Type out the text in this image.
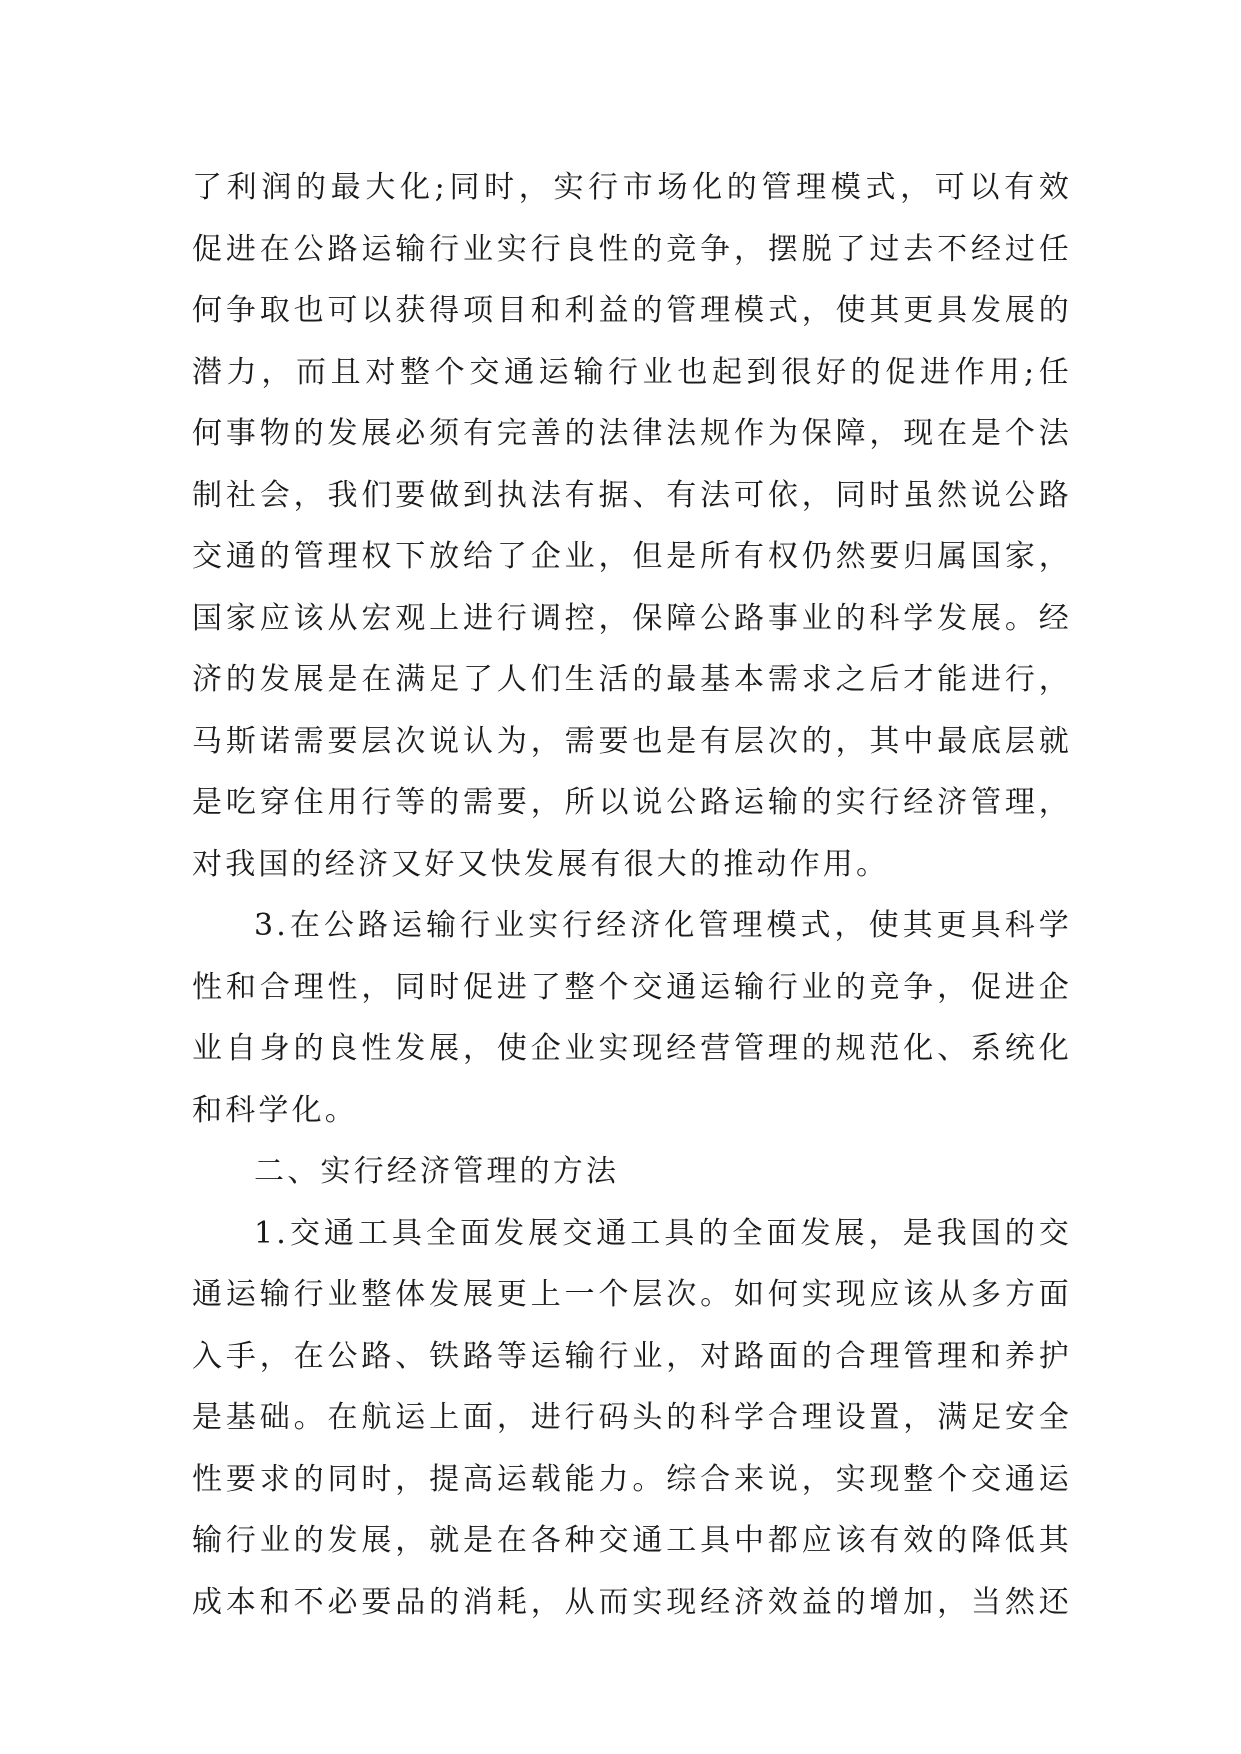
了利润的最大化;同时，实行市场化的管理模式，可以有效
促进在公路运输行业实行良性的竞争，摆脱了过去不经过任
何争取也可以获得项目和利益的管理模式，使其更具发展的
潜力，而且对整个交通运输行业也起到很好的促进作用;任
何事物的发展必须有完善的法律法规作为保障，现在是个法
制社会，我们要做到执法有据、有法可依，同时虽然说公路
交通的管理权下放给了企业，但是所有权仍然要归属国家，
国家应该从宏观上进行调控，保障公路事业的科学发展。经
济的发展是在满足了人们生活的最基本需求之后才能进行，
马斯诺需要层次说认为，需要也是有层次的，其中最底层就
是吃穿住用行等的需要，所以说公路运输的实行经济管理，
对我国的经济又好又快发展有很大的推动作用。
3.在公路运输行业实行经济化管理模式，使其更具科学
性和合理性，同时促进了整个交通运输行业的竞争，促进企
业自身的良性发展，使企业实现经营管理的规范化、系统化
和科学化。
二、实行经济管理的方法
1.交通工具全面发展交通工具的全面发展，是我国的交
通运输行业整体发展更上一个层次。如何实现应该从多方面
入手，在公路、铁路等运输行业，对路面的合理管理和养护
是基础。在航运上面，进行码头的科学合理设置，满足安全
性要求的同时，提高运载能力。综合来说，实现整个交通运
输行业的发展，就是在各种交通工具中都应该有效的降低其
成本和不必要品的消耗，从而实现经济效益的增加，当然还
